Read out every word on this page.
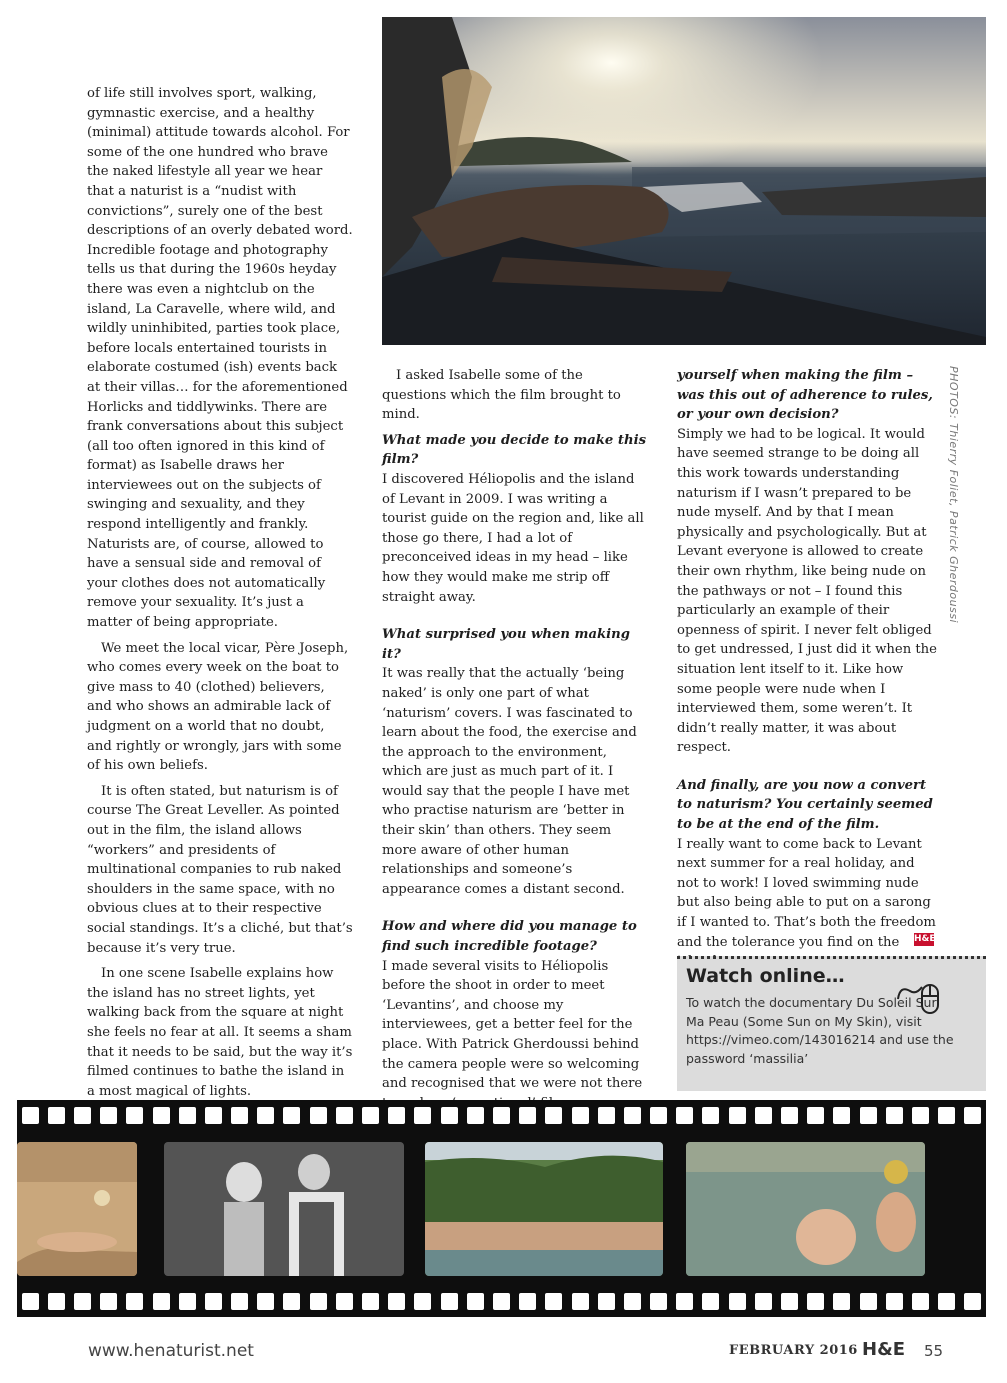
of life still involves sport, walking, gymnastic exercise, and a healthy (minimal) attitude towards alcohol. For some of the one hundred who brave the naked lifestyle all year we hear that a naturist is a “nudist with convictions”, surely one of the best descriptions of an overly debated word. Incredible footage and photography tells us that during the 1960s heyday there was even a nightclub on the island, La Caravelle, where wild, and wildly uninhibited, parties took place, before locals entertained tourists in elaborate costumed (ish) events back at their villas… for the aforementioned Horlicks and tiddlywinks. There are frank conversations about this subject (all too often ignored in this kind of format) as Isabelle draws her interviewees out on the subjects of swinging and sexuality, and they respond intelligently and frankly. Naturists are, of course, allowed to have a sensual side and removal of your clothes does not automatically remove your sexuality. It’s just a matter of being appropriate.

We meet the local vicar, Père Joseph, who comes every week on the boat to give mass to 40 (clothed) believers, and who shows an admirable lack of judgment on a world that no doubt, and rightly or wrongly, jars with some of his own beliefs.

It is often stated, but naturism is of course The Great Leveller. As pointed out in the film, the island allows “workers” and presidents of multinational companies to rub naked shoulders in the same space, with no obvious clues at to their respective social standings. It’s a cliché, but that’s because it’s very true.

In one scene Isabelle explains how the island has no street lights, yet walking back from the square at night she feels no fear at all. It seems a sham that it needs to be said, but the way it’s filmed continues to bathe the island in a most magical of lights.

I asked Isabelle some of the questions which the film brought to mind.

What made you decide to make this film?

I discovered Héliopolis and the island of Levant in 2009. I was writing a tourist guide on the region and, like all those go there, I had a lot of preconceived ideas in my head – like how they would make me strip off straight away.

What surprised you when making it?

It was really that the actually ‘being naked’ is only one part of what ‘naturism’ covers. I was fascinated to learn about the food, the exercise and the approach to the environment, which are just as much part of it. I would say that the people I have met who practise naturism are ‘better in their skin’ than others. They seem more aware of other human relationships and someone’s appearance comes a distant second.

How and where did you manage to find such incredible footage?

I made several visits to Héliopolis before the shoot in order to meet ‘Levantins’, and choose my interviewees, get a better feel for the place. With Patrick Gherdoussi behind the camera people were so welcoming and recognised that we were not there

yourself when making the film – was this out of adherence to rules, or your own decision?

Simply we had to be logical. It would have seemed strange to be doing all this work towards understanding naturism if I wasn’t prepared to be nude myself. And by that I mean physically and psychologically. But at Levant everyone is allowed to create their own rhythm, like being nude on the pathways or not – I found this particularly an example of their openness of spirit. I never felt obliged to get undressed, I just did it when the situation lent itself to it. Like how some people were nude when I interviewed them, some weren’t. It didn’t really matter, it was about respect.

And finally, are you now a convert to naturism? You certainly seemed to be at the end of the film.

I really want to come back to Levant next summer for a real holiday, and not to work! I loved swimming nude but also being able to put on a sarong if I wanted to. That’s both the freedom and the tolerance you find on the	H&E
PHOTOS: Thierry Foliet, Patrick Gherdoussi
Watch online…
To watch the documentary Du Soleil Sur Ma Peau (Some Sun on My Skin), visit https://vimeo.com/143016214 and use the password ‘massilia’
www.henaturist.net	FEBRUARY 2016 H&E 55
